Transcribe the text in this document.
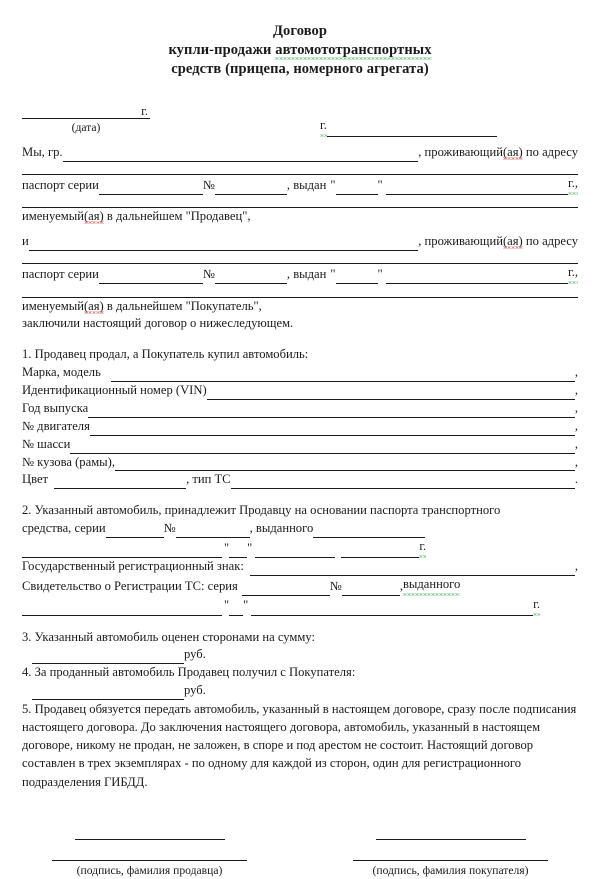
Договор
купли-продажи автомототранспортных
средств (прицепа, номерного агрегата)
г.
(дата)	г.
Мы, гр.	, проживающий(ая) по адресу
паспорт серии	№	, выдан "	"	г.,
именуемый(ая) в дальнейшем "Продавец",
и	, проживающий(ая) по адресу
паспорт серии	№	, выдан "	"	г.,
именуемый(ая) в дальнейшем "Покупатель",
заключили настоящий договор о нижеследующем.
1. Продавец продал, а Покупатель купил автомобиль:
Марка, модель	,
Идентификационный номер (VIN)	,
Год выпуска	,
№ двигателя	,
№ шасси	,
№ кузова (рамы),	,
Цвет	, тип ТС	.
2. Указанный автомобиль, принадлежит Продавцу на основании паспорта транспортного
средства, серии	№	, выданного
" "	г.
Государственный регистрационный знак:	,
Свидетельство о Регистрации ТС: серия	№	, выданного
" "	г.
3. Указанный автомобиль оценен сторонами на сумму:
руб.
4. За проданный автомобиль Продавец получил с Покупателя:
руб.
5. Продавец обязуется передать автомобиль, указанный в настоящем договоре, сразу после подписания настоящего договора. До заключения настоящего договора, автомобиль, указанный в настоящем договоре, никому не продан, не заложен, в споре и под арестом не состоит. Настоящий договор составлен в трех экземплярах - по одному для каждой из сторон, один для регистрационного подразделения ГИБДД.
(подпись, фамилия продавца)	(подпись, фамилия покупателя)
